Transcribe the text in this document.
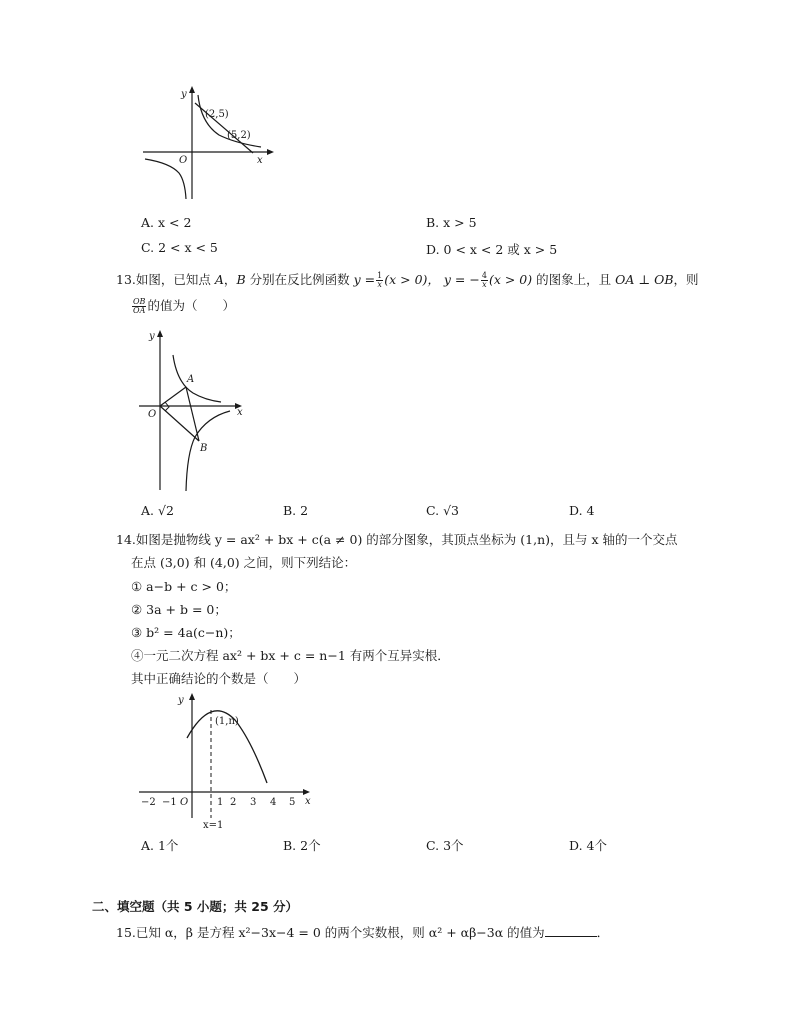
y
x
O
(2,5)
(5,2)
A. x < 2	B. x > 5
C. 2 < x < 5	D. 0 < x < 2 或 x > 5
13.如图，已知点 A，B 分别在反比例函数 $y = \frac{1}{x} (x > 0)$， y = − $\frac{4}{x} (x > 0)$ 的图象上，且 OA ⊥ OB，则
$\frac{OB}{OA}$ 的值为（　　）
y
x
O
A
B
A. √2	B. 2	C. √3	D. 4
14.如图是抛物线 y = ax² + bx + c(a ≠ 0) 的部分图象，其顶点坐标为 (1,n)，且与 x 轴的一个交点
在点 (3,0) 和 (4,0) 之间，则下列结论：
① a−b + c > 0；
② 3a + b = 0；
③ b² = 4a(c−n)；
④一元二次方程 ax² + bx + c = n−1 有两个互异实根．
其中正确结论的个数是（　　）
y
x
(1,n)
−2 −1 O	1 2 3 4 5
x=1
A. 1个	B. 2个	C. 3个	D. 4个
二、填空题（共 5 小题；共 25 分）
15.已知 α，β 是方程 x²−3x−4 = 0 的两个实数根，则 α² + αβ−3α 的值为	．
